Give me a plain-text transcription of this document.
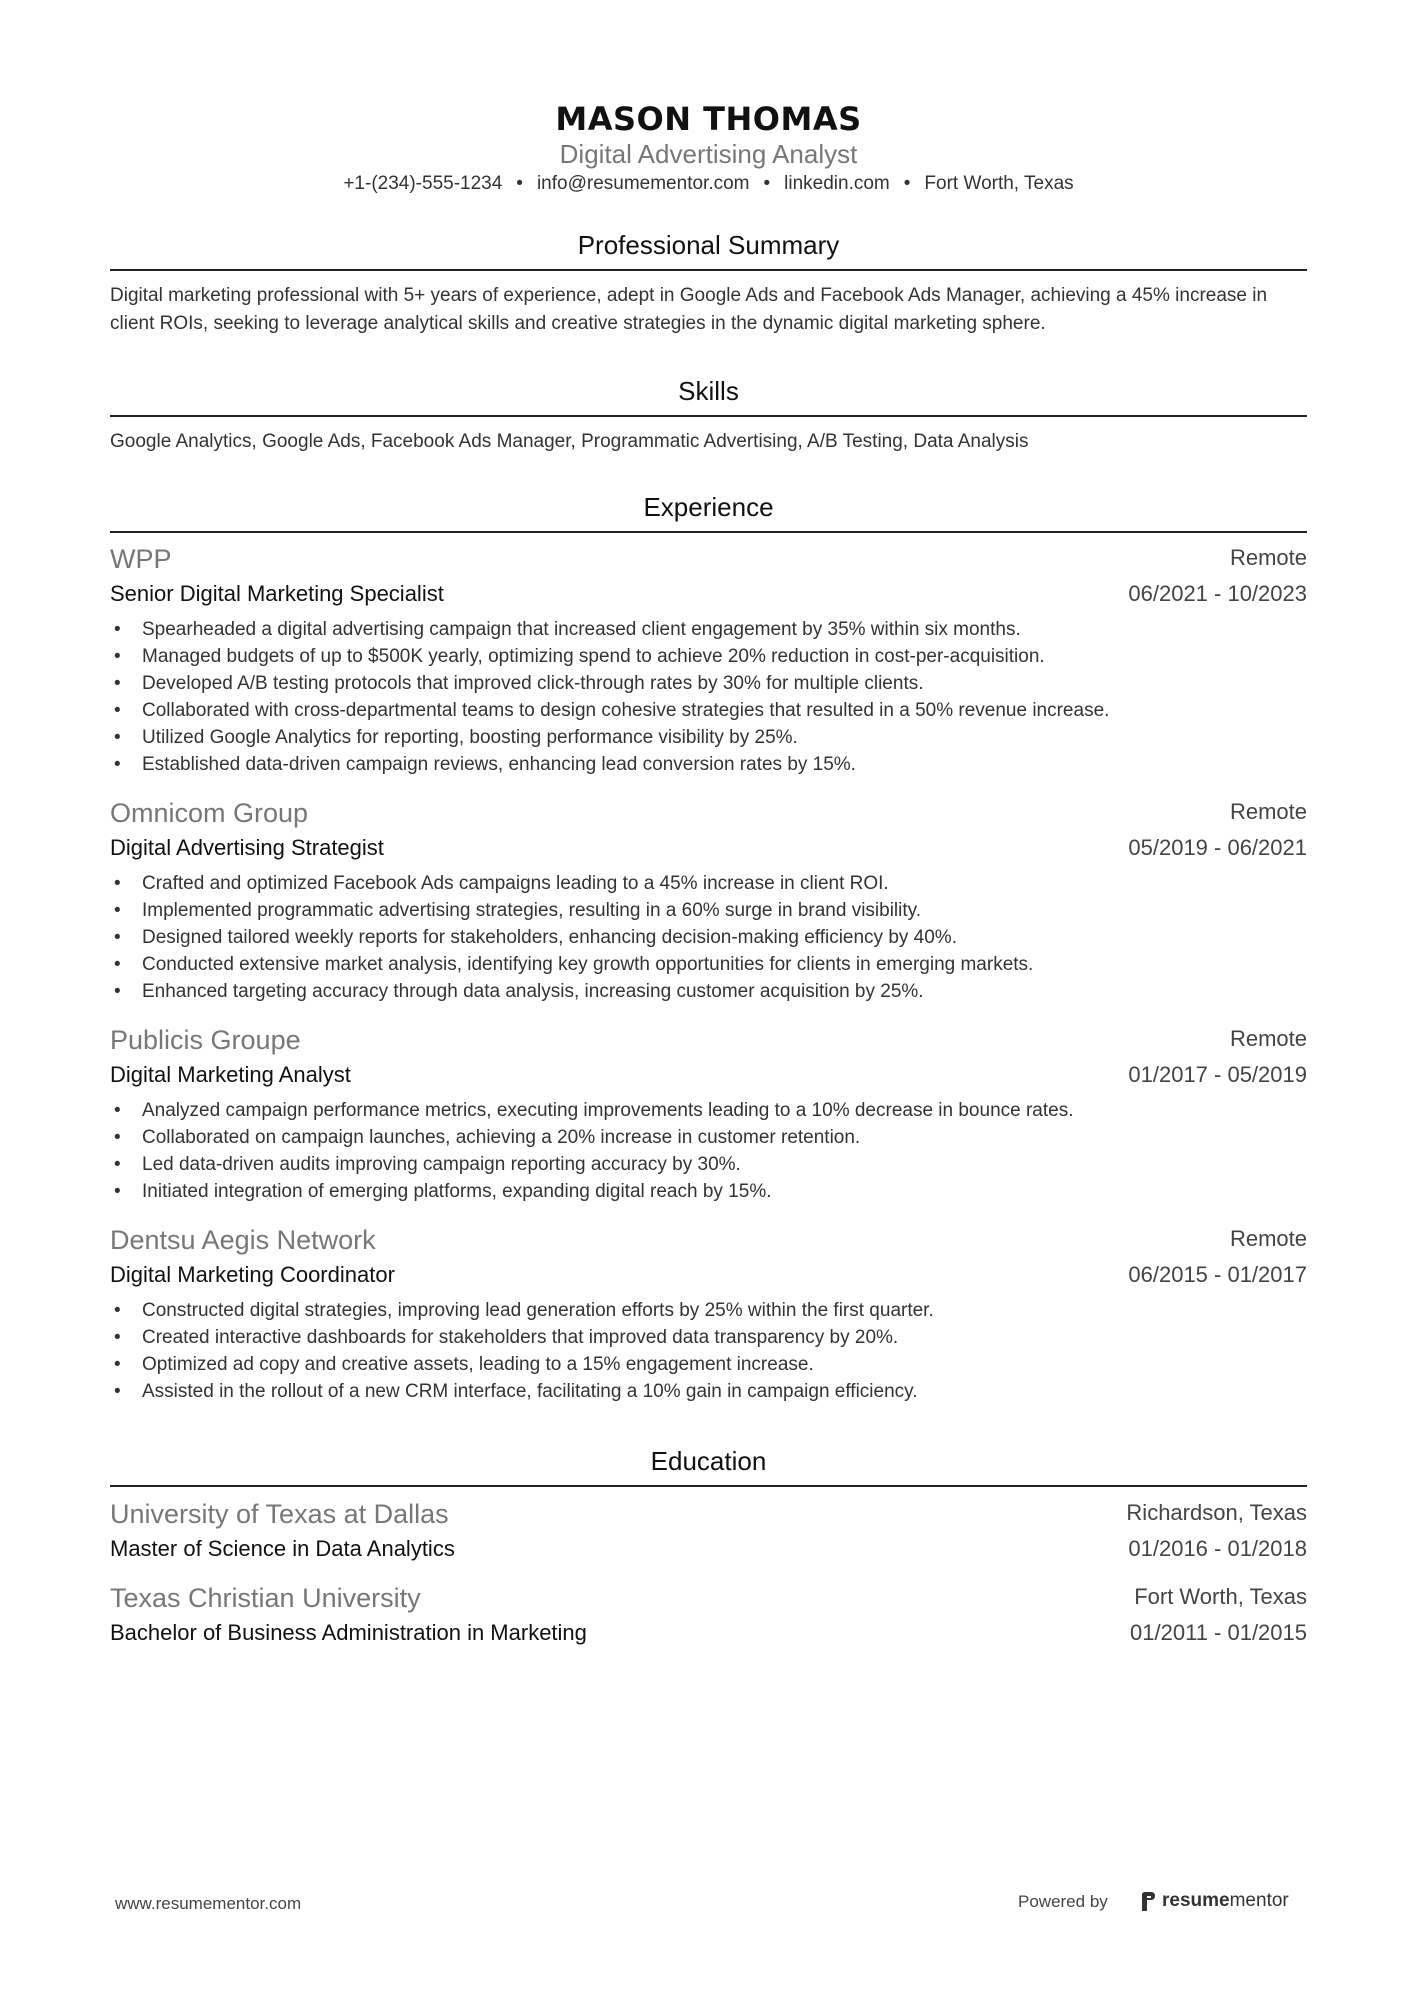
MASON THOMAS
Digital Advertising Analyst
+1-(234)-555-1234 • info@resumementor.com • linkedin.com • Fort Worth, Texas
Professional Summary
Digital marketing professional with 5+ years of experience, adept in Google Ads and Facebook Ads Manager, achieving a 45% increase in client ROIs, seeking to leverage analytical skills and creative strategies in the dynamic digital marketing sphere.
Skills
Google Analytics, Google Ads, Facebook Ads Manager, Programmatic Advertising, A/B Testing, Data Analysis
Experience
WPP	Remote
Senior Digital Marketing Specialist	06/2021 - 10/2023
• Spearheaded a digital advertising campaign that increased client engagement by 35% within six months.
• Managed budgets of up to $500K yearly, optimizing spend to achieve 20% reduction in cost-per-acquisition.
• Developed A/B testing protocols that improved click-through rates by 30% for multiple clients.
• Collaborated with cross-departmental teams to design cohesive strategies that resulted in a 50% revenue increase.
• Utilized Google Analytics for reporting, boosting performance visibility by 25%.
• Established data-driven campaign reviews, enhancing lead conversion rates by 15%.
Omnicom Group	Remote
Digital Advertising Strategist	05/2019 - 06/2021
• Crafted and optimized Facebook Ads campaigns leading to a 45% increase in client ROI.
• Implemented programmatic advertising strategies, resulting in a 60% surge in brand visibility.
• Designed tailored weekly reports for stakeholders, enhancing decision-making efficiency by 40%.
• Conducted extensive market analysis, identifying key growth opportunities for clients in emerging markets.
• Enhanced targeting accuracy through data analysis, increasing customer acquisition by 25%.
Publicis Groupe	Remote
Digital Marketing Analyst	01/2017 - 05/2019
• Analyzed campaign performance metrics, executing improvements leading to a 10% decrease in bounce rates.
• Collaborated on campaign launches, achieving a 20% increase in customer retention.
• Led data-driven audits improving campaign reporting accuracy by 30%.
• Initiated integration of emerging platforms, expanding digital reach by 15%.
Dentsu Aegis Network	Remote
Digital Marketing Coordinator	06/2015 - 01/2017
• Constructed digital strategies, improving lead generation efforts by 25% within the first quarter.
• Created interactive dashboards for stakeholders that improved data transparency by 20%.
• Optimized ad copy and creative assets, leading to a 15% engagement increase.
• Assisted in the rollout of a new CRM interface, facilitating a 10% gain in campaign efficiency.
Education
University of Texas at Dallas	Richardson, Texas
Master of Science in Data Analytics	01/2016 - 01/2018
Texas Christian University	Fort Worth, Texas
Bachelor of Business Administration in Marketing	01/2011 - 01/2015
www.resumementor.com	Powered by	resume mentor
